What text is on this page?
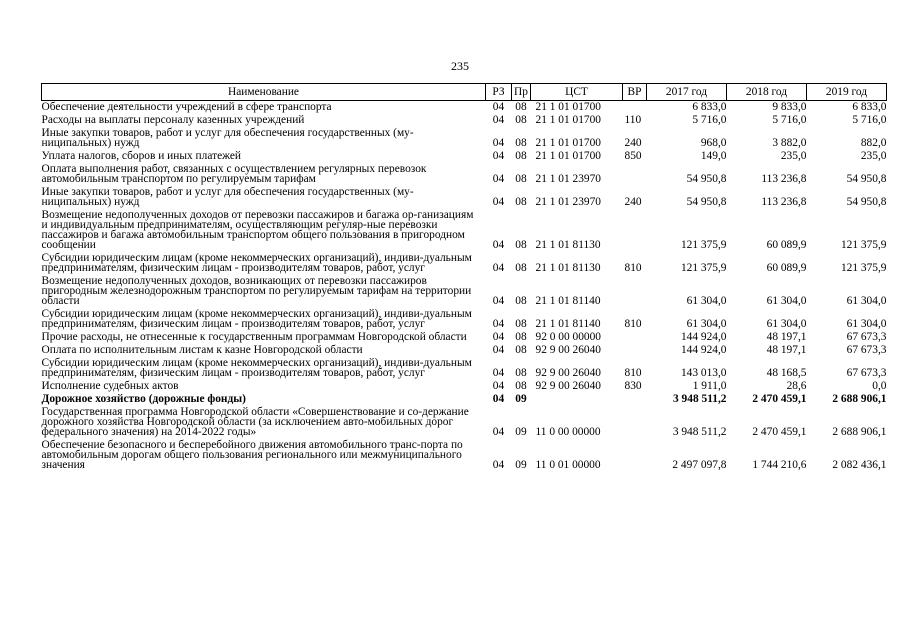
235
Наименование	РЗ	Пр	ЦСТ	ВР	2017 год	2018 год	2019 год
Обеспечение деятельности учреждений в сфере транспорта	04	08	21 1 01 01700		6 833,0	9 833,0	6 833,0
Расходы на выплаты персоналу казенных учреждений	04	08	21 1 01 01700	110	5 716,0	5 716,0	5 716,0
Иные закупки товаров, работ и услуг для обеспечения государственных (му-ниципальных) нужд	04	08	21 1 01 01700	240	968,0	3 882,0	882,0
Уплата налогов, сборов и иных платежей	04	08	21 1 01 01700	850	149,0	235,0	235,0
Оплата выполнения работ, связанных с осуществлением регулярных перевозок автомобильным транспортом по регулируемым тарифам	04	08	21 1 01 23970		54 950,8	113 236,8	54 950,8
Иные закупки товаров, работ и услуг для обеспечения государственных (му-ниципальных) нужд	04	08	21 1 01 23970	240	54 950,8	113 236,8	54 950,8
Возмещение недополученных доходов от перевозки пассажиров и багажа ор-ганизациям и индивидуальным предпринимателям, осуществляющим регуляр-ные перевозки пассажиров и багажа автомобильным транспортом общего пользования в пригородном сообщении	04	08	21 1 01 81130		121 375,9	60 089,9	121 375,9
Субсидии юридическим лицам (кроме некоммерческих организаций), индиви-дуальным предпринимателям, физическим лицам - производителям товаров, работ, услуг	04	08	21 1 01 81130	810	121 375,9	60 089,9	121 375,9
Возмещение недополученных доходов, возникающих от перевозки пассажиров пригородным железнодорожным транспортом по регулируемым тарифам на территории области	04	08	21 1 01 81140		61 304,0	61 304,0	61 304,0
Субсидии юридическим лицам (кроме некоммерческих организаций), индиви-дуальным предпринимателям, физическим лицам - производителям товаров, работ, услуг	04	08	21 1 01 81140	810	61 304,0	61 304,0	61 304,0
Прочие расходы, не отнесенные к государственным программам Новгородской области	04	08	92 0 00 00000		144 924,0	48 197,1	67 673,3
Оплата по исполнительным листам к казне Новгородской области	04	08	92 9 00 26040		144 924,0	48 197,1	67 673,3
Субсидии юридическим лицам (кроме некоммерческих организаций), индиви-дуальным предпринимателям, физическим лицам - производителям товаров, работ, услуг	04	08	92 9 00 26040	810	143 013,0	48 168,5	67 673,3
Исполнение судебных актов	04	08	92 9 00 26040	830	1 911,0	28,6	0,0
Дорожное хозяйство (дорожные фонды)	04	09			3 948 511,2	2 470 459,1	2 688 906,1
Государственная программа Новгородской области «Совершенствование и со-держание дорожного хозяйства Новгородской области (за исключением авто-мобильных дорог федерального значения) на 2014-2022 годы»	04	09	11 0 00 00000		3 948 511,2	2 470 459,1	2 688 906,1
Обеспечение безопасного и бесперебойного движения автомобильного транс-порта по автомобильным дорогам общего пользования регионального или межмуниципального значения	04	09	11 0 01 00000		2 497 097,8	1 744 210,6	2 082 436,1
